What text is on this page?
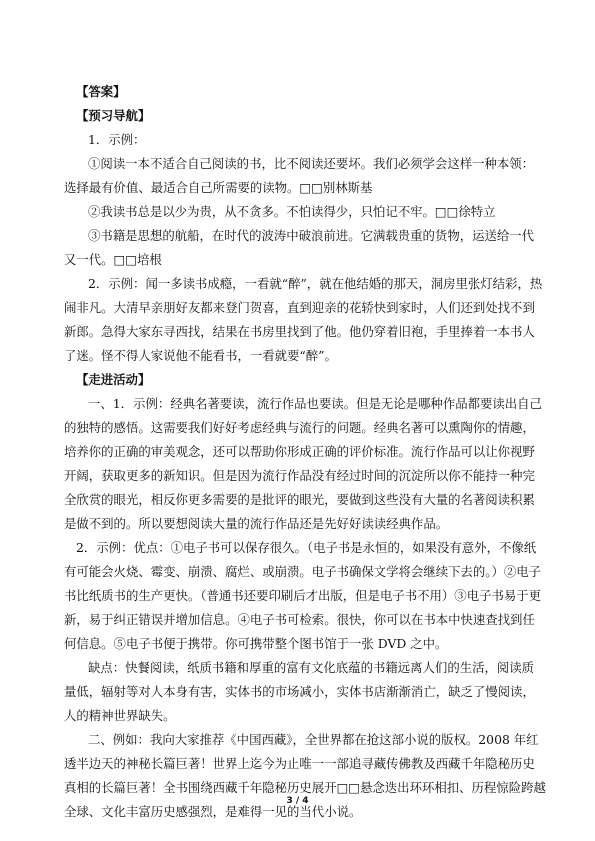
【答案】

【预习导航】

1．示例：

①阅读一本不适合自己阅读的书，比不阅读还要坏。我们必须学会这样一种本领：选择最有价值、最适合自己所需要的读物。□□别林斯基

②我读书总是以少为贵，从不贪多。不怕读得少，只怕记不牢。□□徐特立

③书籍是思想的航船，在时代的波涛中破浪前进。它满载贵重的货物，运送给一代又一代。□□培根

2．示例：闻一多读书成瘾，一看就“醉”，就在他结婚的那天，洞房里张灯结彩，热闹非凡。大清早亲朋好友都来登门贺喜，直到迎亲的花轿快到家时，人们还到处找不到新郎。急得大家东寻西找，结果在书房里找到了他。他仍穿着旧袍，手里捧着一本书人了迷。怪不得人家说他不能看书，一看就要“醉”。

【走进活动】

一、1．示例：经典名著要读，流行作品也要读。但是无论是哪种作品都要读出自己的独特的感悟。这需要我们好好考虑经典与流行的问题。经典名著可以熏陶你的情趣，培养你的正确的审美观念，还可以帮助你形成正确的评价标准。流行作品可以让你视野开阔，获取更多的新知识。但是因为流行作品没有经过时间的沉淀所以你不能持一种完全欣赏的眼光，相反你更多需要的是批评的眼光，要做到这些没有大量的名著阅读积累是做不到的。所以要想阅读大量的流行作品还是先好好读读经典作品。

2．示例：优点：①电子书可以保存很久。（电子书是永恒的，如果没有意外，不像纸有可能会火烧、霉变、崩溃、腐烂、或崩溃。电子书确保文学将会继续下去的。）②电子书比纸质书的生产更快。（普通书还要印刷后才出版，但是电子书不用）③电子书易于更新，易于纠正错误并增加信息。④电子书可检索。很快，你可以在书本中快速查找到任何信息。⑤电子书便于携带。你可携带整个图书馆于一张 DVD 之中。

缺点：快餐阅读，纸质书籍和厚重的富有文化底蕴的书籍远离人们的生活，阅读质量低，辐射等对人本身有害，实体书的市场减小，实体书店渐渐消亡，缺乏了慢阅读，人的精神世界缺失。

二、例如：我向大家推荐《中国西藏》，全世界都在抢这部小说的版权。2008 年红透半边天的神秘长篇巨著！世界上迄今为止唯一一部追寻藏传佛教及西藏千年隐秘历史真相的长篇巨著！全书围绕西藏千年隐秘历史展开□□悬念迭出环环相扣、历程惊险跨越全球、文化丰富历史感强烈，是难得一见的当代小说。

3 / 4
